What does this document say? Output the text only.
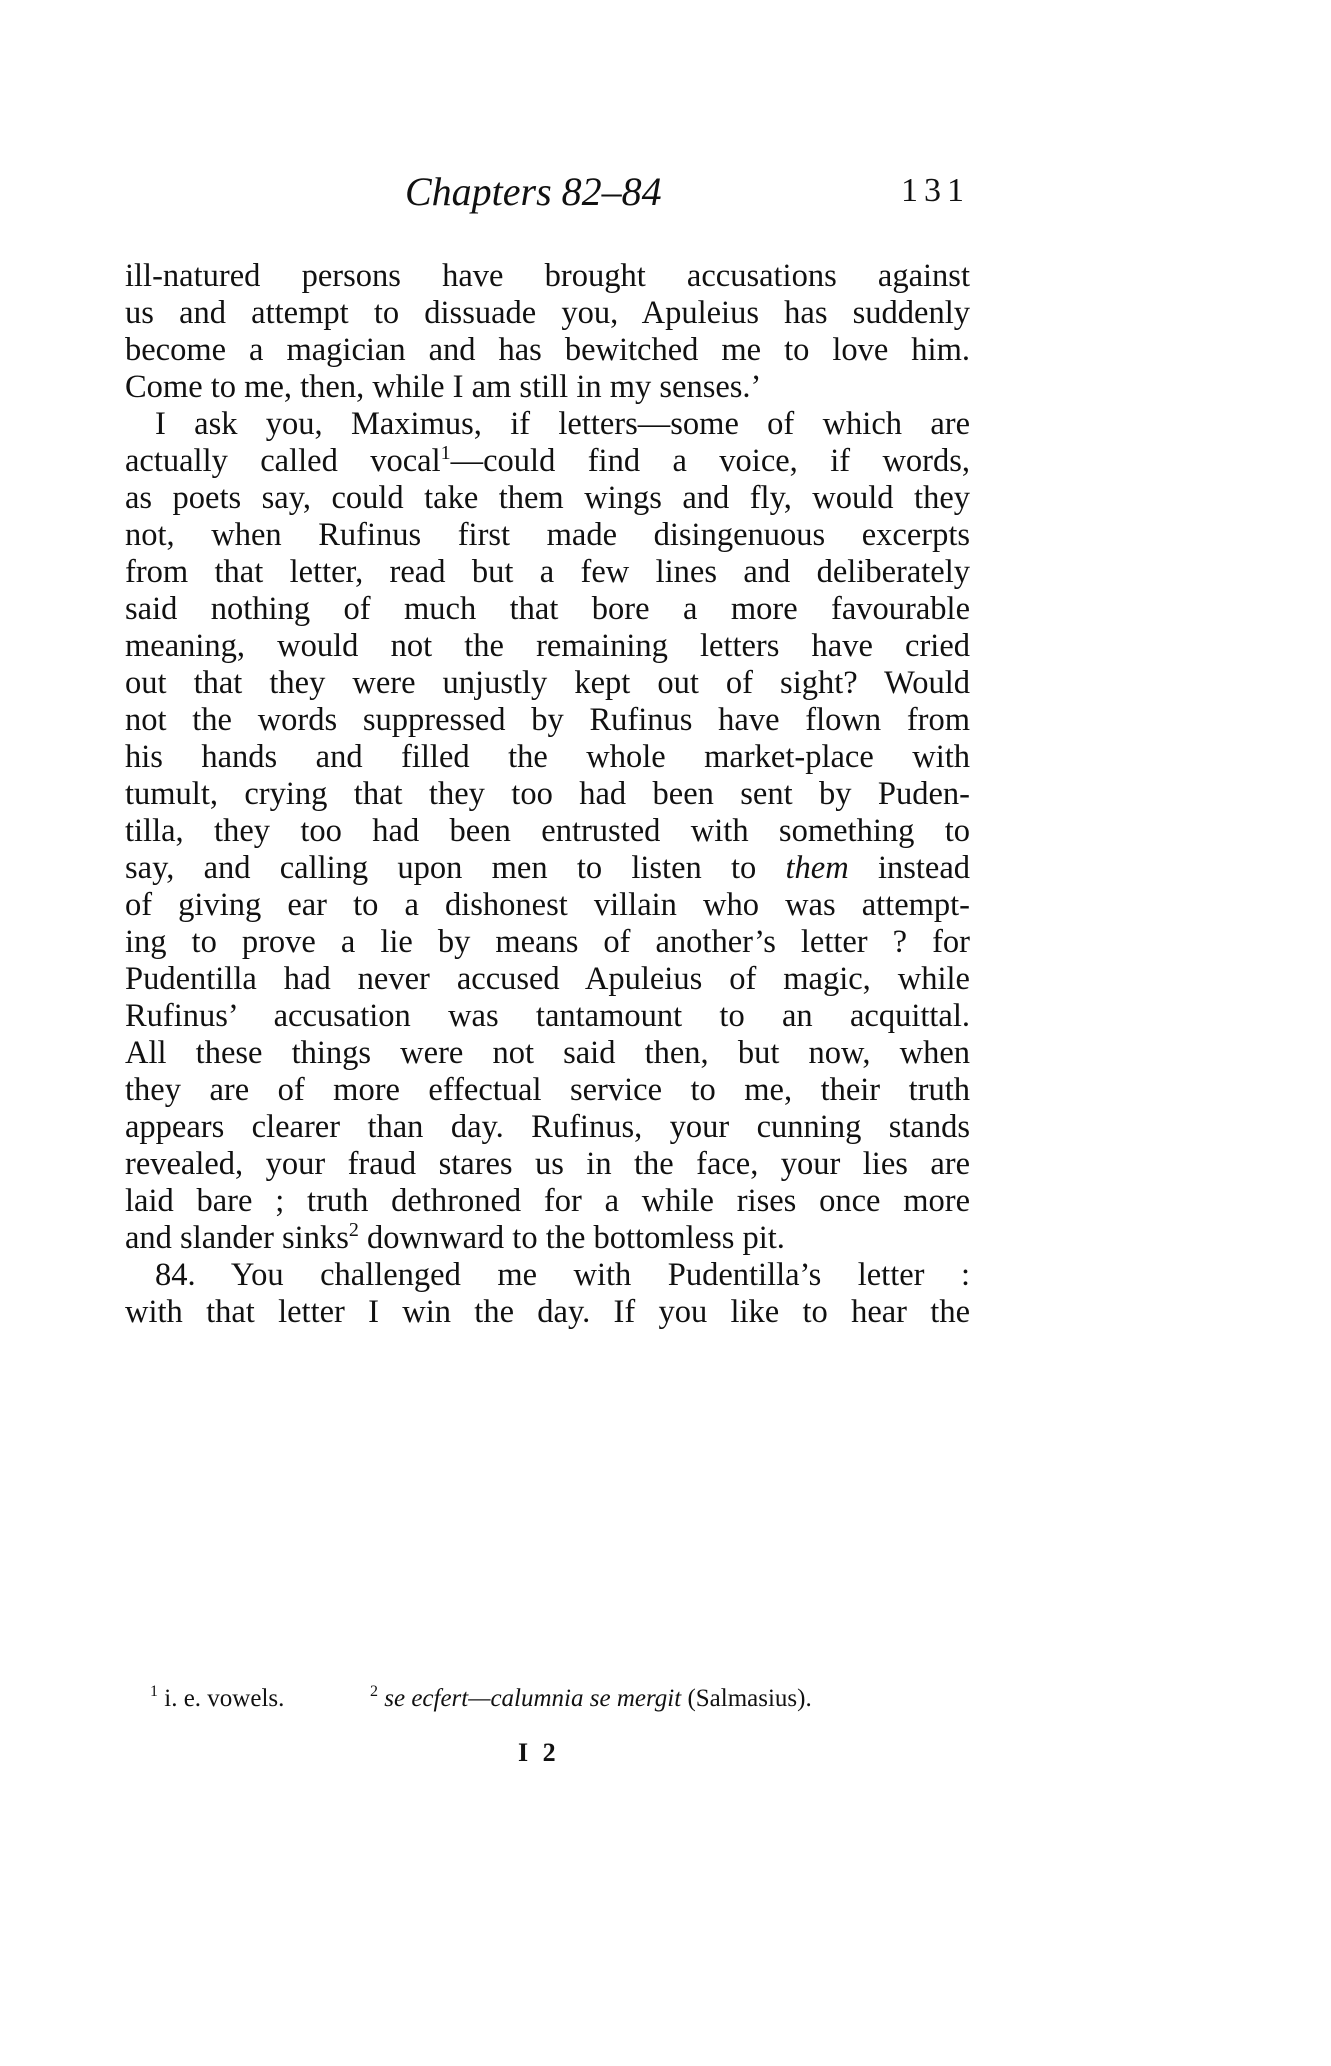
Chapters 82–84	131
ill-natured persons have brought accusations against
us and attempt to dissuade you, Apuleius has suddenly
become a magician and has bewitched me to love him.
Come to me, then, while I am still in my senses.’
I ask you, Maximus, if letters—some of which are
actually called vocal$^1$—could find a voice, if words,
as poets say, could take them wings and fly, would they
not, when Rufinus first made disingenuous excerpts
from that letter, read but a few lines and deliberately
said nothing of much that bore a more favourable
meaning, would not the remaining letters have cried
out that they were unjustly kept out of sight? Would
not the words suppressed by Rufinus have flown from
his hands and filled the whole market-place with
tumult, crying that they too had been sent by Puden-
tilla, they too had been entrusted with something to
say, and calling upon men to listen to them instead
of giving ear to a dishonest villain who was attempt-
ing to prove a lie by means of another’s letter ? for
Pudentilla had never accused Apuleius of magic, while
Rufinus’ accusation was tantamount to an acquittal.
All these things were not said then, but now, when
they are of more effectual service to me, their truth
appears clearer than day. Rufinus, your cunning stands
revealed, your fraud stares us in the face, your lies are
laid bare ; truth dethroned for a while rises once more
and slander sinks$^2$ downward to the bottomless pit.
84. You challenged me with Pudentilla’s letter :
with that letter I win the day. If you like to hear the
$^1$ i. e. vowels.	$^2$ se ecfert—calumnia se mergit (Salmasius).
I 2
